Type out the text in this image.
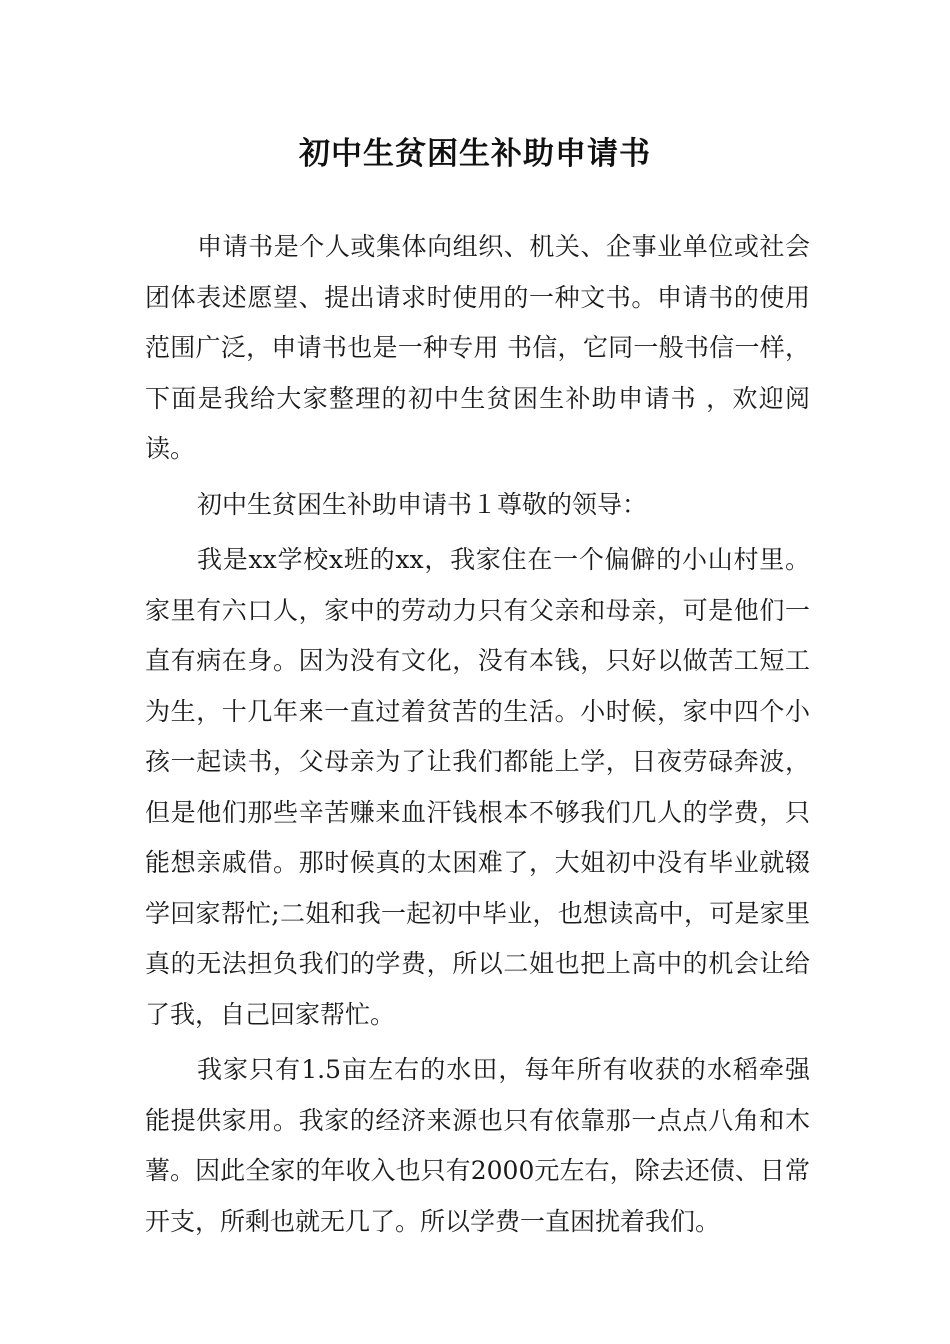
初中生贫困生补助申请书

申请书是个人或集体向组织、机关、企事业单位或社会团体表述愿望、提出请求时使用的一种文书。申请书的使用范围广泛，申请书也是一种专用 书信，它同一般书信一样，下面是我给大家整理的初中生贫困生补助申请书 ，欢迎阅读。

初中生贫困生补助申请书１尊敬的领导：

我是xx学校x班的xx，我家住在一个偏僻的小山村里。家里有六口人，家中的劳动力只有父亲和母亲，可是他们一直有病在身。因为没有文化，没有本钱，只好以做苦工短工为生，十几年来一直过着贫苦的生活。小时候，家中四个小孩一起读书，父母亲为了让我们都能上学，日夜劳碌奔波，但是他们那些辛苦赚来血汗钱根本不够我们几人的学费，只能想亲戚借。那时候真的太困难了，大姐初中没有毕业就辍学回家帮忙;二姐和我一起初中毕业，也想读高中，可是家里真的无法担负我们的学费，所以二姐也把上高中的机会让给了我，自己回家帮忙。

我家只有1.5亩左右的水田，每年所有收获的水稻牵强能提供家用。我家的经济来源也只有依靠那一点点八角和木薯。因此全家的年收入也只有2000元左右，除去还债、日常开支，所剩也就无几了。所以学费一直困扰着我们。
